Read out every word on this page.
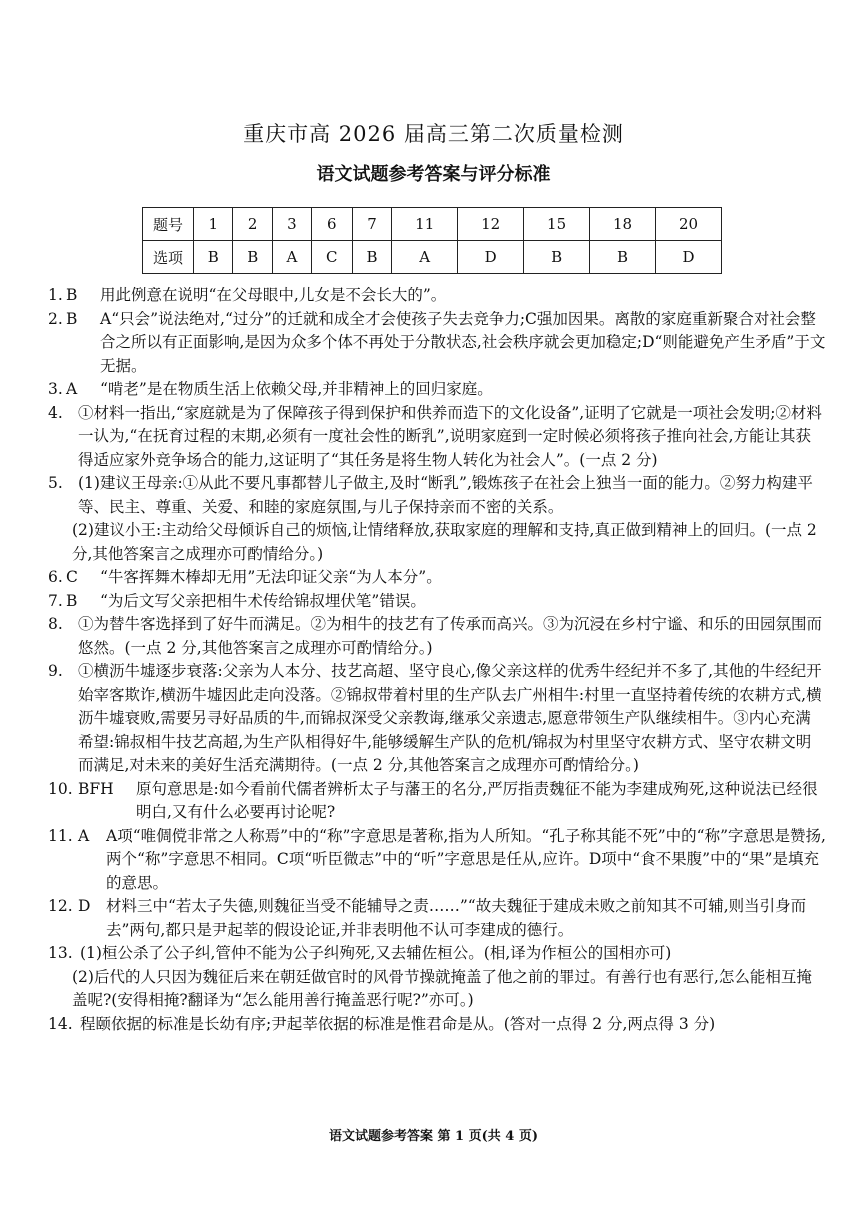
重庆市高 2026 届高三第二次质量检测
语文试题参考答案与评分标准
题号	1	2	3	6	7	11	12	15	18	20
选项	B	B	A	C	B	A	D	B	B	D
1. B 用此例意在说明“在父母眼中,儿女是不会长大的”。
2. B A“只会”说法绝对,“过分”的迁就和成全才会使孩子失去竞争力;C强加因果。离散的家庭重新聚合对社会整合之所以有正面影响,是因为众多个体不再处于分散状态,社会秩序就会更加稳定;D“则能避免产生矛盾”于文无据。
3. A “啃老”是在物质生活上依赖父母,并非精神上的回归家庭。
4. ①材料一指出,“家庭就是为了保障孩子得到保护和供养而造下的文化设备”,证明了它就是一项社会发明;②材料一认为,“在抚育过程的末期,必须有一度社会性的断乳”,说明家庭到一定时候必须将孩子推向社会,方能让其获得适应家外竞争场合的能力,这证明了“其任务是将生物人转化为社会人”。(一点 2 分)
5. (1)建议王母亲:①从此不要凡事都替儿子做主,及时“断乳”,锻炼孩子在社会上独当一面的能力。②努力构建平等、民主、尊重、关爱、和睦的家庭氛围,与儿子保持亲而不密的关系。
(2)建议小王:主动给父母倾诉自己的烦恼,让情绪释放,获取家庭的理解和支持,真正做到精神上的回归。(一点 2 分,其他答案言之成理亦可酌情给分。)
6. C “牛客挥舞木棒却无用”无法印证父亲“为人本分”。
7. B “为后文写父亲把相牛术传给锦叔埋伏笔”错误。
8. ①为替牛客选择到了好牛而满足。②为相牛的技艺有了传承而高兴。③为沉浸在乡村宁谧、和乐的田园氛围而悠然。(一点 2 分,其他答案言之成理亦可酌情给分。)
9. ①横沥牛墟逐步衰落:父亲为人本分、技艺高超、坚守良心,像父亲这样的优秀牛经纪并不多了,其他的牛经纪开始宰客欺诈,横沥牛墟因此走向没落。②锦叔带着村里的生产队去广州相牛:村里一直坚持着传统的农耕方式,横沥牛墟衰败,需要另寻好品质的牛,而锦叔深受父亲教诲,继承父亲遗志,愿意带领生产队继续相牛。③内心充满希望:锦叔相牛技艺高超,为生产队相得好牛,能够缓解生产队的危机/锦叔为村里坚守农耕方式、坚守农耕文明而满足,对未来的美好生活充满期待。(一点 2 分,其他答案言之成理亦可酌情给分。)
10. BFH 原句意思是:如今看前代儒者辨析太子与藩王的名分,严厉指责魏征不能为李建成殉死,这种说法已经很明白,又有什么必要再讨论呢?
11. A A项“唯倜傥非常之人称焉”中的“称”字意思是著称,指为人所知。“孔子称其能不死”中的“称”字意思是赞扬,两个“称”字意思不相同。C项“听臣微志”中的“听”字意思是任从,应许。D项中“食不果腹”中的“果”是填充的意思。
12. D 材料三中“若太子失德,则魏征当受不能辅导之责……”“故夫魏征于建成未败之前知其不可辅,则当引身而去”两句,都只是尹起莘的假设论证,并非表明他不认可李建成的德行。
13. (1)桓公杀了公子纠,管仲不能为公子纠殉死,又去辅佐桓公。(相,译为作桓公的国相亦可)
(2)后代的人只因为魏征后来在朝廷做官时的风骨节操就掩盖了他之前的罪过。有善行也有恶行,怎么能相互掩盖呢?(安得相掩?翻译为“怎么能用善行掩盖恶行呢?”亦可。)
14. 程颐依据的标准是长幼有序;尹起莘依据的标准是惟君命是从。(答对一点得 2 分,两点得 3 分)
语文试题参考答案 第 1 页(共 4 页)
